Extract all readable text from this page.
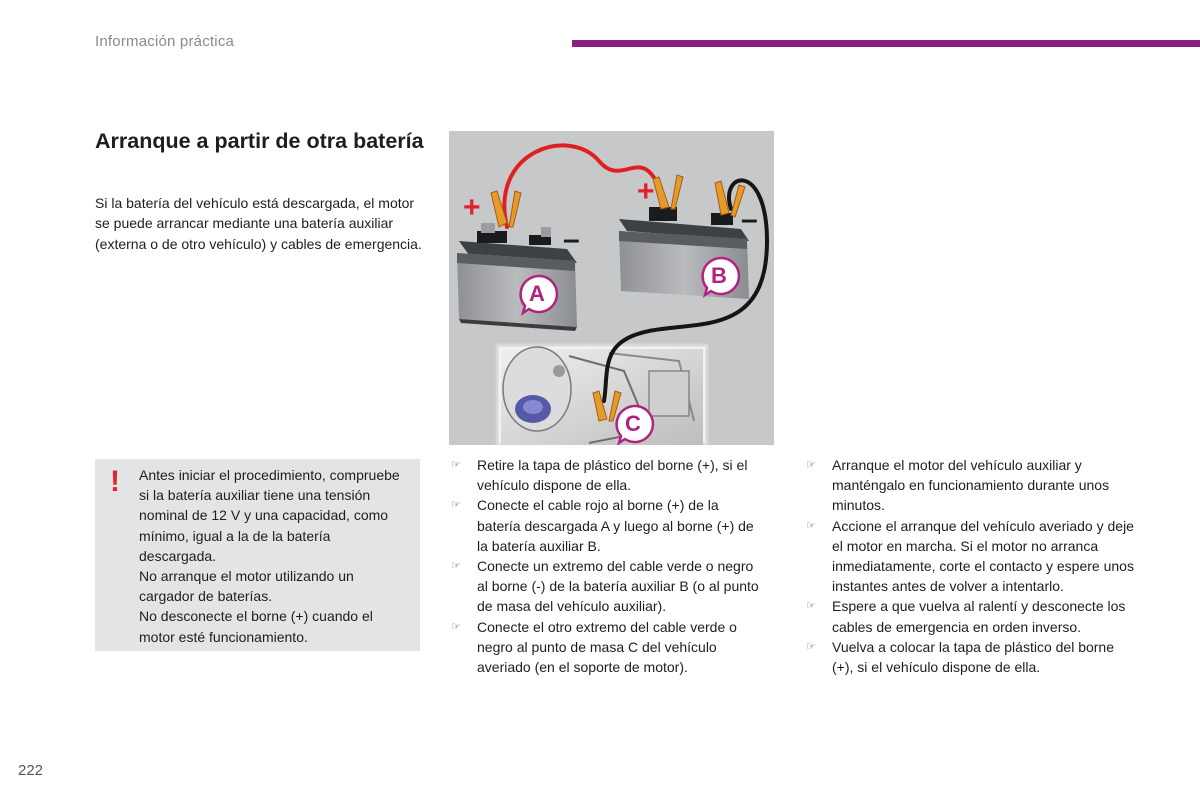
Información práctica
Arranque a partir de otra batería
Si la batería del vehículo está descargada, el motor se puede arrancar mediante una batería auxiliar (externa o de otro vehículo) y cables de emergencia.
+	+
–
–
A
B
C
! Antes iniciar el procedimiento, compruebe si la batería auxiliar tiene una tensión nominal de 12 V y una capacidad, como mínimo, igual a la de la batería descargada.

No arranque el motor utilizando un cargador de baterías.

No desconecte el borne (+) cuando el motor esté funcionamiento.

☞ Retire la tapa de plástico del borne (+), si el vehículo dispone de ella.
☞ Conecte el cable rojo al borne (+) de la batería descargada A y luego al borne (+) de la batería auxiliar B.
☞ Conecte un extremo del cable verde o negro al borne (-) de la batería auxiliar B (o al punto de masa del vehículo auxiliar).
☞ Conecte el otro extremo del cable verde o negro al punto de masa C del vehículo averiado (en el soporte de motor).
☞ Arranque el motor del vehículo auxiliar y manténgalo en funcionamiento durante unos minutos.
☞ Accione el arranque del vehículo averiado y deje el motor en marcha. Si el motor no arranca inmediatamente, corte el contacto y espere unos instantes antes de volver a intentarlo.
☞ Espere a que vuelva al ralentí y desconecte los cables de emergencia en orden inverso.
☞ Vuelva a colocar la tapa de plástico del borne (+), si el vehículo dispone de ella.
222
